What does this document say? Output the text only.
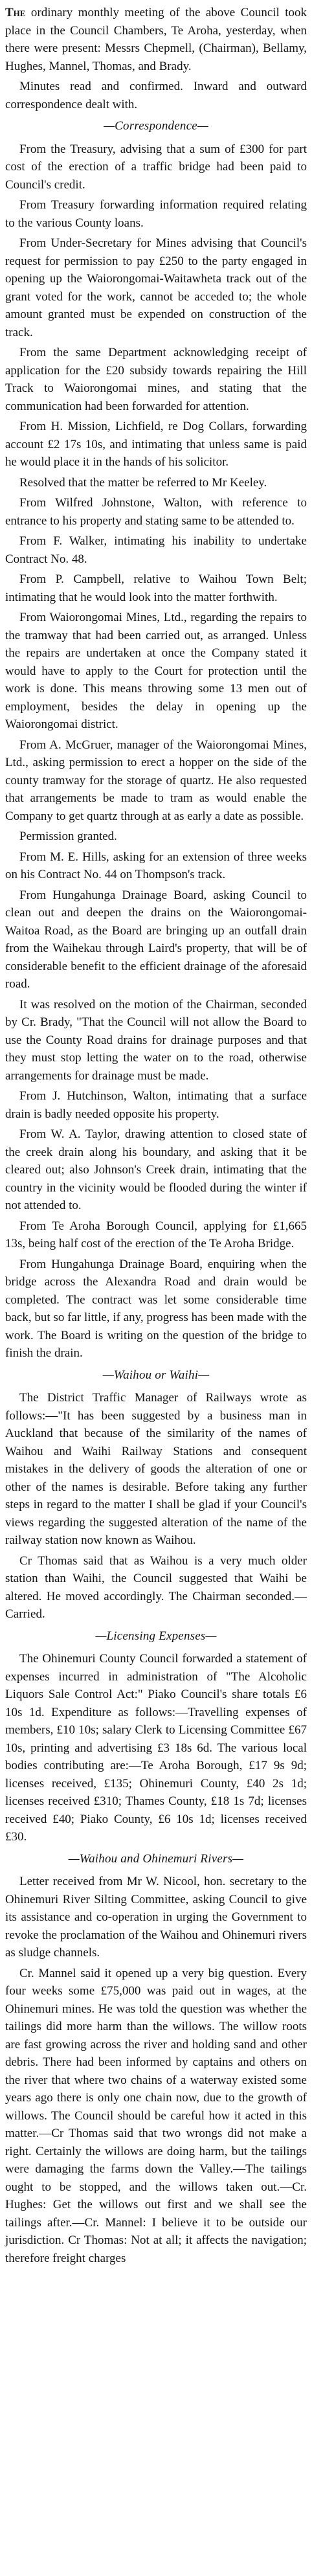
The ordinary monthly meeting of the above Council took place in the Council Chambers, Te Aroha, yesterday, when there were present: Messrs Chepmell, (Chairman), Bellamy, Hughes, Mannel, Thomas, and Brady.

Minutes read and confirmed. Inward and outward correspondence dealt with.

—Correspondence—

From the Treasury, advising that a sum of £300 for part cost of the erection of a traffic bridge had been paid to Council's credit.

From Treasury forwarding information required relating to the various County loans.

From Under-Secretary for Mines advising that Council's request for permission to pay £250 to the party engaged in opening up the Waiorongomai-Waitawheta track out of the grant voted for the work, cannot be acceded to; the whole amount granted must be expended on construction of the track.

From the same Department acknowledging receipt of application for the £20 subsidy towards repairing the Hill Track to Waiorongomai mines, and stating that the communication had been forwarded for attention.

From H. Mission, Lichfield, re Dog Collars, forwarding account £2 17s 10s, and intimating that unless same is paid he would place it in the hands of his solicitor.

Resolved that the matter be referred to Mr Keeley.

From Wilfred Johnstone, Walton, with reference to entrance to his property and stating same to be attended to.

From F. Walker, intimating his inability to undertake Contract No. 48.

From P. Campbell, relative to Waihou Town Belt; intimating that he would look into the matter forthwith.

From Waiorongomai Mines, Ltd., regarding the repairs to the tramway that had been carried out, as arranged. Unless the repairs are undertaken at once the Company stated it would have to apply to the Court for protection until the work is done. This means throwing some 13 men out of employment, besides the delay in opening up the Waiorongomai district.

From A. McGruer, manager of the Waiorongomai Mines, Ltd., asking permission to erect a hopper on the side of the county tramway for the storage of quartz. He also requested that arrangements be made to tram as would enable the Company to get quartz through at as early a date as possible.

Permission granted.

From M. E. Hills, asking for an extension of three weeks on his Contract No. 44 on Thompson's track.

From Hungahunga Drainage Board, asking Council to clean out and deepen the drains on the Waiorongomai-Waitoa Road, as the Board are bringing up an outfall drain from the Waihekau through Laird's property, that will be of considerable benefit to the efficient drainage of the aforesaid road.

It was resolved on the motion of the Chairman, seconded by Cr. Brady, "That the Council will not allow the Board to use the County Road drains for drainage purposes and that they must stop letting the water on to the road, otherwise arrangements for drainage must be made.

From J. Hutchinson, Walton, intimating that a surface drain is badly needed opposite his property.

From W. A. Taylor, drawing attention to closed state of the creek drain along his boundary, and asking that it be cleared out; also Johnson's Creek drain, intimating that the country in the vicinity would be flooded during the winter if not attended to.

From Te Aroha Borough Council, applying for £1,665 13s, being half cost of the erection of the Te Aroha Bridge.

From Hungahunga Drainage Board, enquiring when the bridge across the Alexandra Road and drain would be completed. The contract was let some considerable time back, but so far little, if any, progress has been made with the work. The Board is writing on the question of the bridge to finish the drain.

—Waihou or Waihi—

The District Traffic Manager of Railways wrote as follows:—"It has been suggested by a business man in Auckland that because of the similarity of the names of Waihou and Waihi Railway Stations and consequent mistakes in the delivery of goods the alteration of one or other of the names is desirable. Before taking any further steps in regard to the matter I shall be glad if your Council's views regarding the suggested alteration of the name of the railway station now known as Waihou.

Cr Thomas said that as Waihou is a very much older station than Waihi, the Council suggested that Waihi be altered. He moved accordingly. The Chairman seconded.—Carried.

—Licensing Expenses—

The Ohinemuri County Council forwarded a statement of expenses incurred in administration of "The Alcoholic Liquors Sale Control Act:" Piako Council's share totals £6 10s 1d. Expenditure as follows:—Travelling expenses of members, £10 10s; salary Clerk to Licensing Committee £67 10s, printing and advertising £3 18s 6d. The various local bodies contributing are:—Te Aroha Borough, £17 9s 9d; licenses received, £135; Ohinemuri County, £40 2s 1d; licenses received £310; Thames County, £18 1s 7d; licenses received £40; Piako County, £6 10s 1d; licenses received £30.

—Waihou and Ohinemuri Rivers—

Letter received from Mr W. Nicool, hon. secretary to the Ohinemuri River Silting Committee, asking Council to give its assistance and co-operation in urging the Government to revoke the proclamation of the Waihou and Ohinemuri rivers as sludge channels.

Cr. Mannel said it opened up a very big question. Every four weeks some £75,000 was paid out in wages, at the Ohinemuri mines. He was told the question was whether the tailings did more harm than the willows. The willow roots are fast growing across the river and holding sand and other debris. There had been informed by captains and others on the river that where two chains of a waterway existed some years ago there is only one chain now, due to the growth of willows. The Council should be careful how it acted in this matter.—Cr Thomas said that two wrongs did not make a right. Certainly the willows are doing harm, but the tailings were damaging the farms down the Valley.—The tailings ought to be stopped, and the willows taken out.—Cr. Hughes: Get the willows out first and we shall see the tailings after.—Cr. Mannel: I believe it to be outside our jurisdiction. Cr Thomas: Not at all; it affects the navigation; therefore freight charges
